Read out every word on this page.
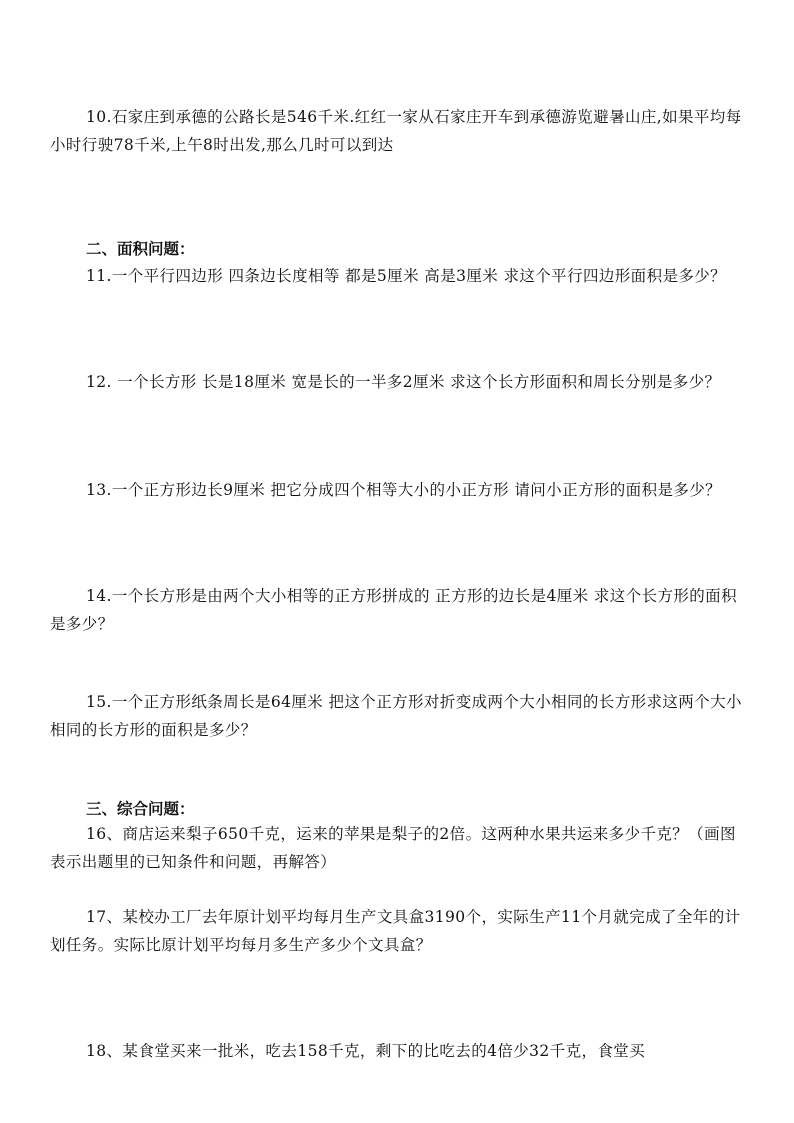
10.石家庄到承德的公路长是546千米.红红一家从石家庄开车到承德游览避暑山庄,如果平均每小时行驶78千米,上午8时出发,那么几时可以到达

二、面积问题：

11.一个平行四边形 四条边长度相等 都是5厘米 高是3厘米 求这个平行四边形面积是多少？

12. 一个长方形 长是18厘米 宽是长的一半多2厘米 求这个长方形面积和周长分别是多少？

13.一个正方形边长9厘米 把它分成四个相等大小的小正方形 请问小正方形的面积是多少？

14.一个长方形是由两个大小相等的正方形拼成的 正方形的边长是4厘米 求这个长方形的面积是多少？

15.一个正方形纸条周长是64厘米 把这个正方形对折变成两个大小相同的长方形求这两个大小相同的长方形的面积是多少？

三、综合问题：

16、商店运来梨子650千克，运来的苹果是梨子的2倍。这两种水果共运来多少千克？（画图表示出题里的已知条件和问题，再解答）

17、某校办工厂去年原计划平均每月生产文具盒3190个，实际生产11个月就完成了全年的计划任务。实际比原计划平均每月多生产多少个文具盒？

18、某食堂买来一批米，吃去158千克，剩下的比吃去的4倍少32千克，食堂买
